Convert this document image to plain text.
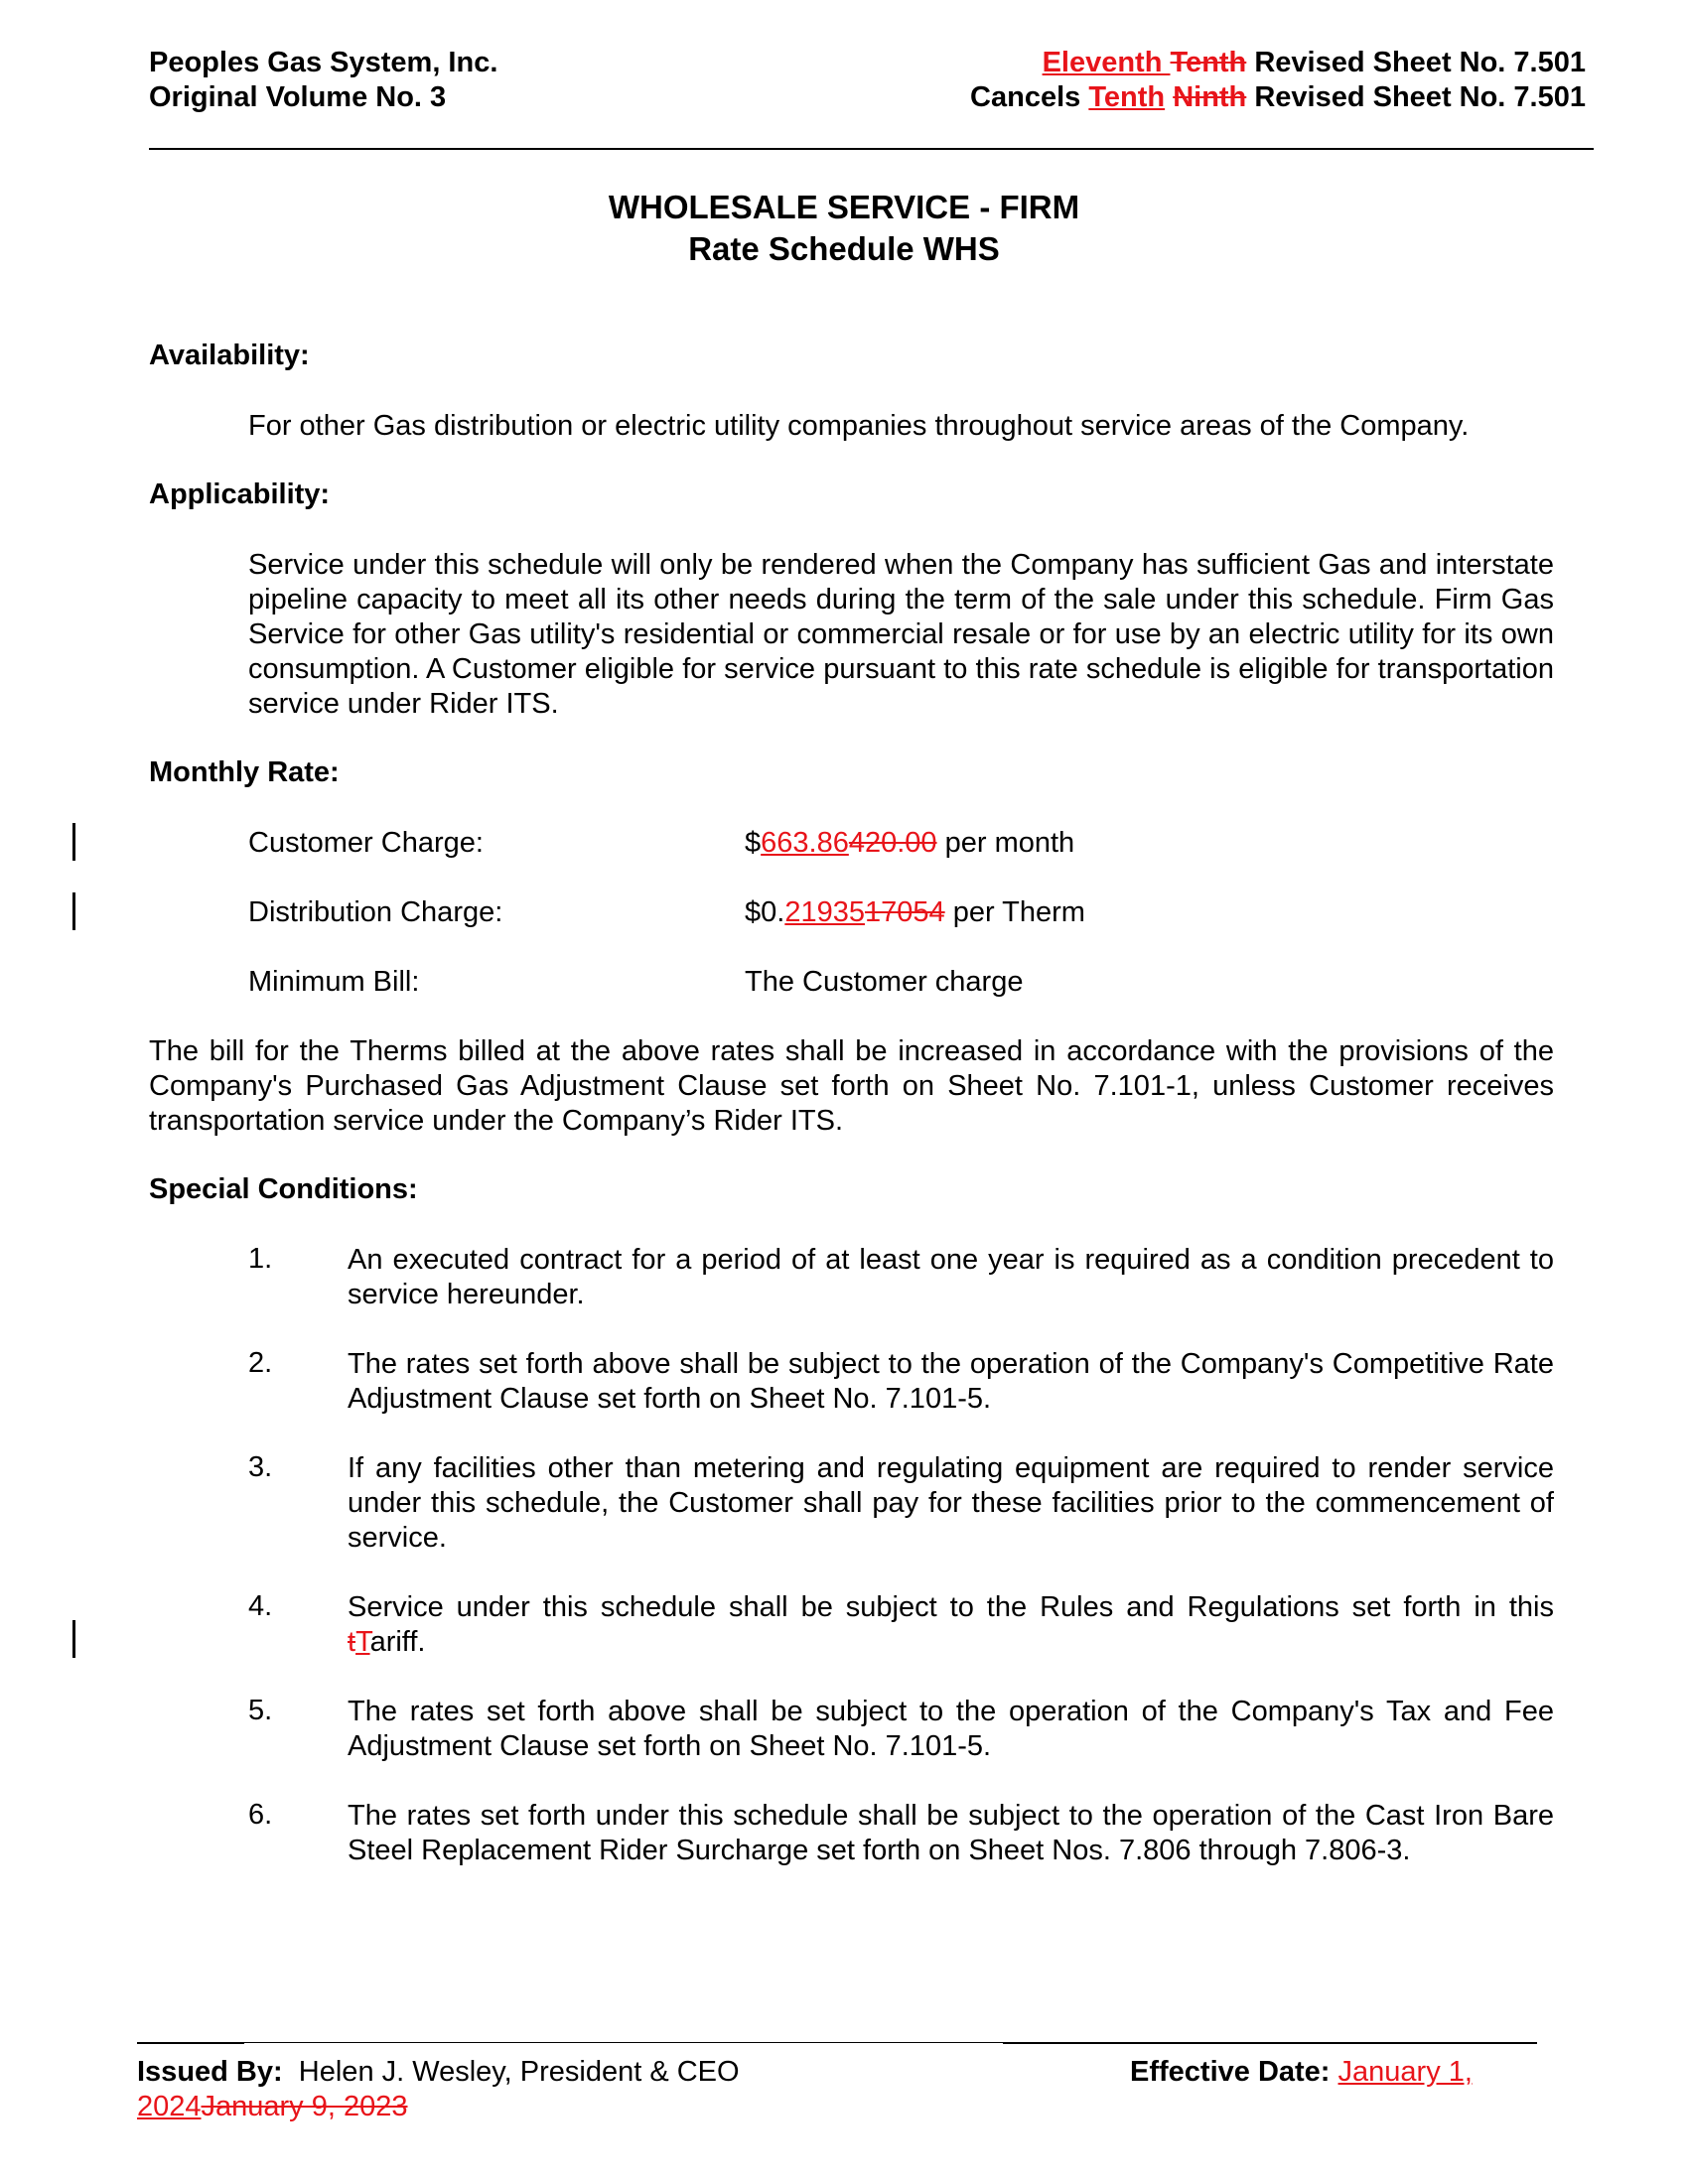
Peoples Gas System, Inc.
Original Volume No. 3
Eleventh Tenth Revised Sheet No. 7.501
Cancels Tenth Ninth Revised Sheet No. 7.501
WHOLESALE SERVICE - FIRM
Rate Schedule WHS
Availability:
For other Gas distribution or electric utility companies throughout service areas of the Company.
Applicability:
Service under this schedule will only be rendered when the Company has sufficient Gas and interstate pipeline capacity to meet all its other needs during the term of the sale under this schedule. Firm Gas Service for other Gas utility's residential or commercial resale or for use by an electric utility for its own consumption. A Customer eligible for service pursuant to this rate schedule is eligible for transportation service under Rider ITS.
Monthly Rate:
Customer Charge:	$663.86420.00 per month
Distribution Charge:	$0.2193517054 per Therm
Minimum Bill:	The Customer charge
The bill for the Therms billed at the above rates shall be increased in accordance with the provisions of the Company's Purchased Gas Adjustment Clause set forth on Sheet No. 7.101-1, unless Customer receives transportation service under the Company’s Rider ITS.
Special Conditions:
1.	An executed contract for a period of at least one year is required as a condition precedent to service hereunder.
2.	The rates set forth above shall be subject to the operation of the Company's Competitive Rate Adjustment Clause set forth on Sheet No. 7.101-5.
3.	If any facilities other than metering and regulating equipment are required to render service under this schedule, the Customer shall pay for these facilities prior to the commencement of service.
4.	Service under this schedule shall be subject to the Rules and Regulations set forth in this tTariff.
5.	The rates set forth above shall be subject to the operation of the Company's Tax and Fee Adjustment Clause set forth on Sheet No. 7.101-5.
6.	The rates set forth under this schedule shall be subject to the operation of the Cast Iron Bare Steel Replacement Rider Surcharge set forth on Sheet Nos. 7.806 through 7.806-3.
Issued By: Helen J. Wesley, President & CEO	Effective Date: January 1,
2024January 9, 2023
